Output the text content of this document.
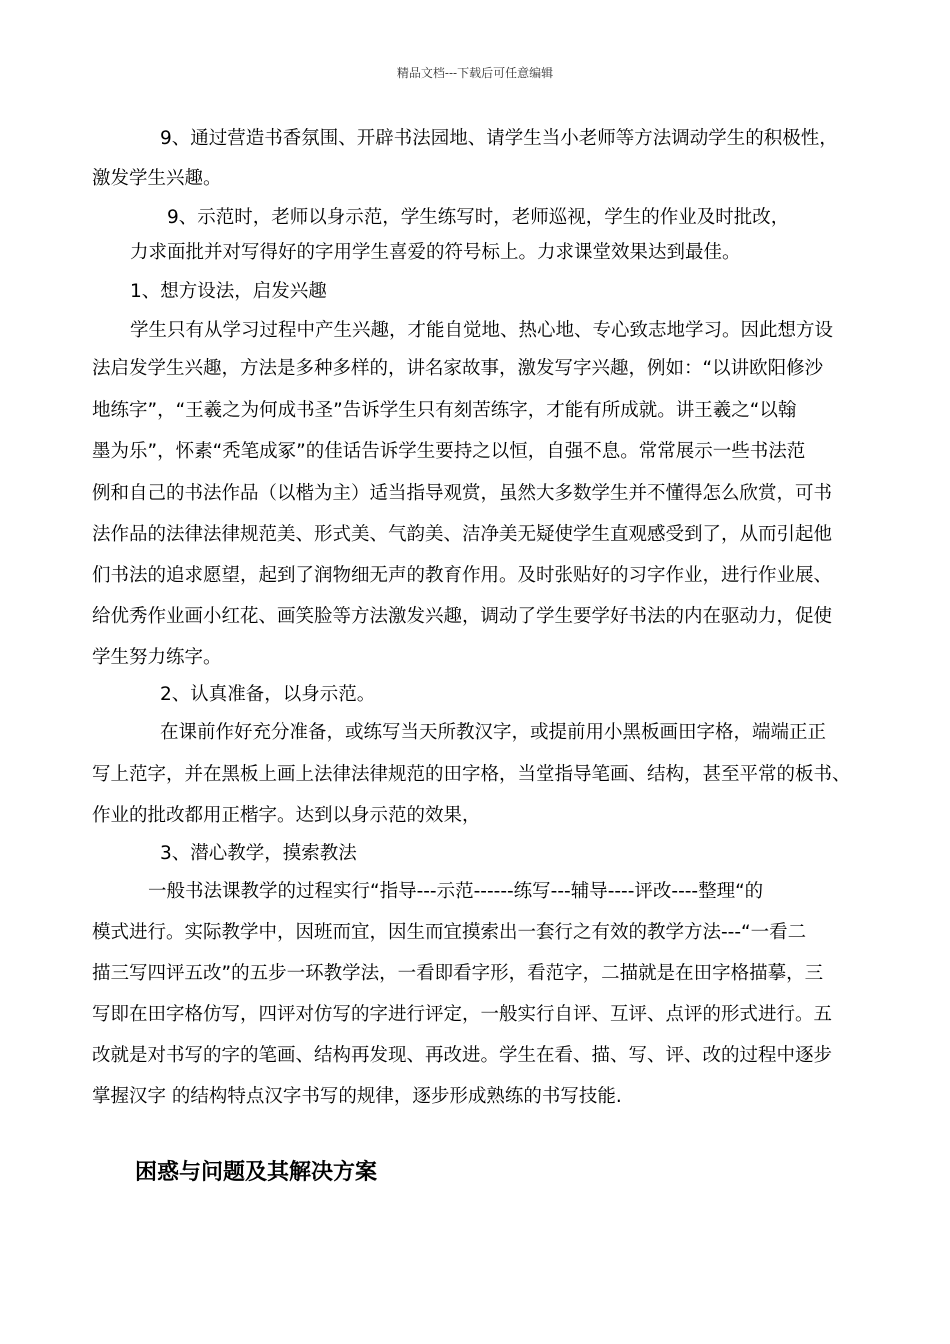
精品文档---下载后可任意编辑
9、通过营造书香氛围、开辟书法园地、请学生当小老师等方法调动学生的积极性，
激发学生兴趣。
9、示范时，老师以身示范，学生练写时，老师巡视，学生的作业及时批改，
力求面批并对写得好的字用学生喜爱的符号标上。力求课堂效果达到最佳。
1、想方设法，启发兴趣
学生只有从学习过程中产生兴趣，才能自觉地、热心地、专心致志地学习。因此想方设
法启发学生兴趣，方法是多种多样的，讲名家故事，激发写字兴趣，例如：“以讲欧阳修沙
地练字”，“王羲之为何成书圣”告诉学生只有刻苦练字，才能有所成就。讲王羲之“以翰
墨为乐”，怀素“秃笔成冢”的佳话告诉学生要持之以恒，自强不息。常常展示一些书法范
例和自己的书法作品（以楷为主）适当指导观赏，虽然大多数学生并不懂得怎么欣赏，可书
法作品的法律法律规范美、形式美、气韵美、洁净美无疑使学生直观感受到了，从而引起他
们书法的追求愿望，起到了润物细无声的教育作用。及时张贴好的习字作业，进行作业展、
给优秀作业画小红花、画笑脸等方法激发兴趣，调动了学生要学好书法的内在驱动力，促使
学生努力练字。
2、认真准备，以身示范。
在课前作好充分准备，或练写当天所教汉字，或提前用小黑板画田字格，端端正正
写上范字，并在黑板上画上法律法律规范的田字格，当堂指导笔画、结构，甚至平常的板书、
作业的批改都用正楷字。达到以身示范的效果，
3、潜心教学，摸索教法
一般书法课教学的过程实行“指导---示范------练写---辅导----评改----整理“的
模式进行。实际教学中，因班而宜，因生而宜摸索出一套行之有效的教学方法---“一看二
描三写四评五改”的五步一环教学法，一看即看字形，看范字，二描就是在田字格描摹，三
写即在田字格仿写，四评对仿写的字进行评定，一般实行自评、互评、点评的形式进行。五
改就是对书写的字的笔画、结构再发现、再改进。学生在看、描、写、评、改的过程中逐步
掌握汉字 的结构特点汉字书写的规律，逐步形成熟练的书写技能.
困惑与问题及其解决方案
